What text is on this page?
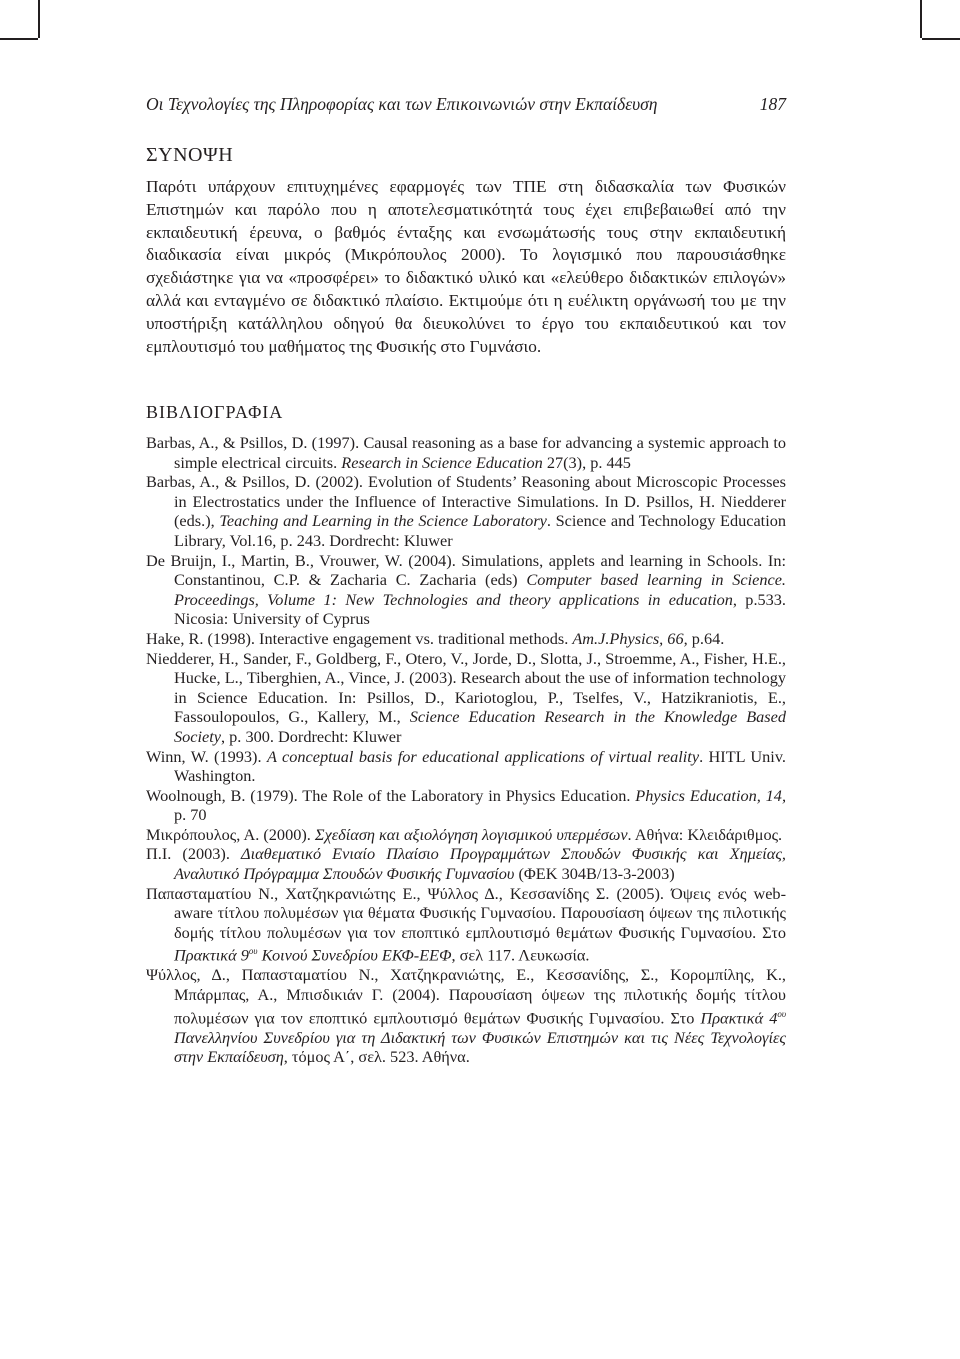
Οι Τεχνολογίες της Πληροφορίας και των Επικοινωνιών στην Εκπαίδευση	187
ΣΥΝΟΨΗ

Παρότι υπάρχουν επιτυχημένες εφαρμογές των ΤΠΕ στη διδασκαλία των Φυσικών Επιστημών και παρόλο που η αποτελεσματικότητά τους έχει επιβεβαιωθεί από την εκπαιδευτική έρευνα, ο βαθμός ένταξης και ενσωμάτωσής τους στην εκπαιδευτική διαδικασία είναι μικρός (Μικρόπουλος 2000). Το λογισμικό που παρουσιάσθηκε σχεδιάστηκε για να «προσφέρει» το διδακτικό υλικό και «ελεύθερο διδακτικών επιλογών» αλλά και ενταγμένο σε διδακτικό πλαίσιο. Εκτιμούμε ότι η ευέλικτη οργάνωσή του με την υποστήριξη κατάλληλου οδηγού θα διευκολύνει το έργο του εκπαιδευτικού και τον εμπλουτισμό του μαθήματος της Φυσικής στο Γυμνάσιο.

ΒΙΒΛΙΟΓΡΑΦΙΑ
Barbas, A., & Psillos, D. (1997). Causal reasoning as a base for advancing a systemic approach to simple electrical circuits. Research in Science Education 27(3), p. 445
Barbas, A., & Psillos, D. (2002). Evolution of Students’ Reasoning about Microscopic Processes in Electrostatics under the Influence of Interactive Simulations. In D. Psillos, H. Niedderer (eds.), Teaching and Learning in the Science Laboratory. Science and Technology Education Library, Vol.16, p. 243. Dordrecht: Kluwer
De Bruijn, I., Martin, B., Vrouwer, W. (2004). Simulations, applets and learning in Schools. In: Constantinou, C.P. & Zacharia C. Zacharia (eds) Computer based learning in Science. Proceedings, Volume 1: New Technologies and theory applications in education, p.533. Nicosia: University of Cyprus
Hake, R. (1998). Interactive engagement vs. traditional methods. Am.J.Physics, 66, p.64.
Niedderer, H., Sander, F., Goldberg, F., Otero, V., Jorde, D., Slotta, J., Stroemme, A., Fisher, H.E., Hucke, L., Tiberghien, A., Vince, J. (2003). Research about the use of information technology in Science Education. In: Psillos, D., Kariotoglou, P., Tselfes, V., Hatzikraniotis, E., Fassoulopoulos, G., Kallery, M., Science Education Research in the Knowledge Based Society, p. 300. Dordrecht: Kluwer
Winn, W. (1993). A conceptual basis for educational applications of virtual reality. HITL Univ. Washington.
Woolnough, B. (1979). The Role of the Laboratory in Physics Education. Physics Education, 14, p. 70
Μικρόπουλος, Α. (2000). Σχεδίαση και αξιολόγηση λογισμικού υπερμέσων. Αθήνα: Κλειδάριθμος.
Π.Ι. (2003). Διαθεματικό Ενιαίο Πλαίσιο Προγραμμάτων Σπουδών Φυσικής και Χημείας, Αναλυτικό Πρόγραμμα Σπουδών Φυσικής Γυμνασίου (ΦΕΚ 304Β/13-3-2003)
Παπασταματίου Ν., Χατζηκρανιώτης Ε., Ψύλλος Δ., Κεσσανίδης Σ. (2005). Όψεις ενός web-aware τίτλου πολυμέσων για θέματα Φυσικής Γυμνασίου. Παρουσίαση όψεων της πιλοτικής δομής τίτλου πολυμέσων για τον εποπτικό εμπλουτισμό θεμάτων Φυσικής Γυμνασίου. Στο Πρακτικά $9^{o\upsilon}$ Κοινού Συνεδρίου ΕΚΦ-ΕΕΦ, σελ 117. Λευκωσία.
Ψύλλος, Δ., Παπασταματίου Ν., Χατζηκρανιώτης, Ε., Κεσσανίδης, Σ., Κορομπίλης, Κ., Μπάρμπας, Α., Μπισδικιάν Γ. (2004). Παρουσίαση όψεων της πιλοτικής δομής τίτλου πολυμέσων για τον εποπτικό εμπλουτισμό θεμάτων Φυσικής Γυμνασίου. Στο Πρακτικά $4^{o\upsilon}$ Πανελληνίου Συνεδρίου για τη Διδακτική των Φυσικών Επιστημών και τις Νέες Τεχνολογίες στην Εκπαίδευση, τόμος Α΄, σελ. 523. Αθήνα.
